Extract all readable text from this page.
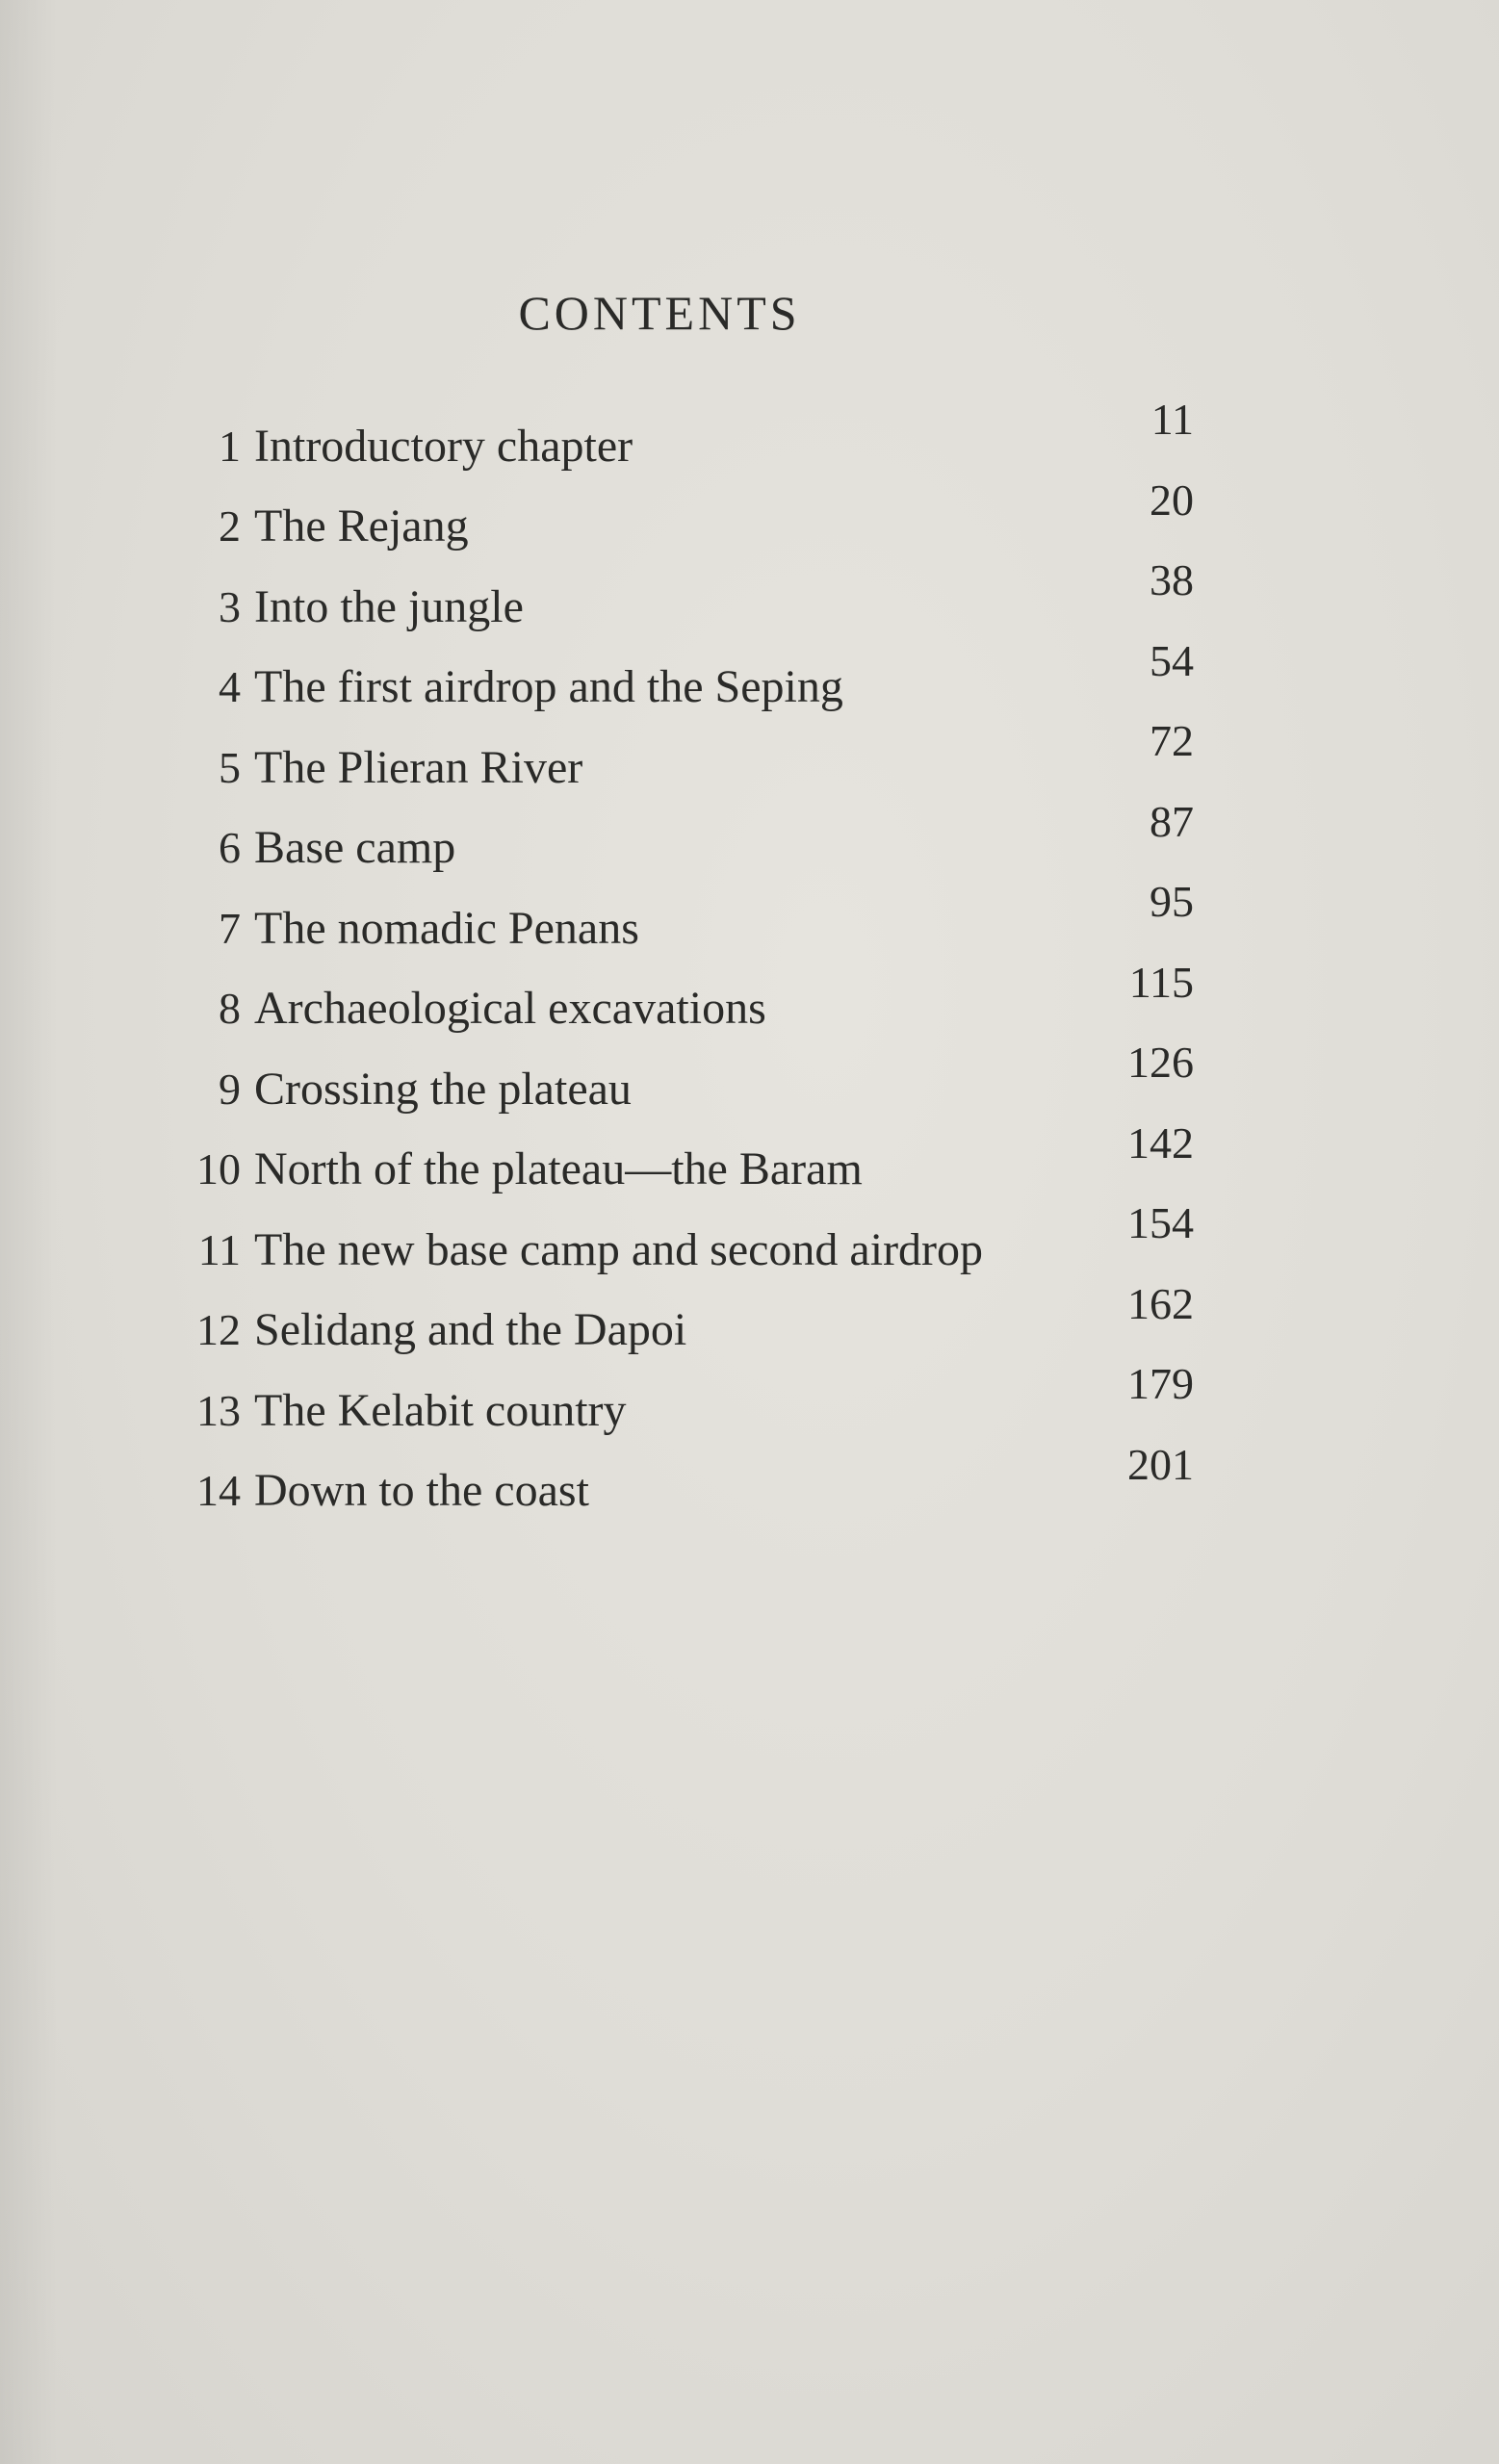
CONTENTS
1 Introductory chapter
11
2 The Rejang
20
3 Into the jungle
38
4 The first airdrop and the Seping
54
5 The Plieran River
72
6 Base camp
87
7 The nomadic Penans
95
8 Archaeological excavations
115
9 Crossing the plateau
126
10 North of the plateau—the Baram
142
11 The new base camp and second airdrop
154
12 Selidang and the Dapoi
162
13 The Kelabit country
179
14 Down to the coast
201
